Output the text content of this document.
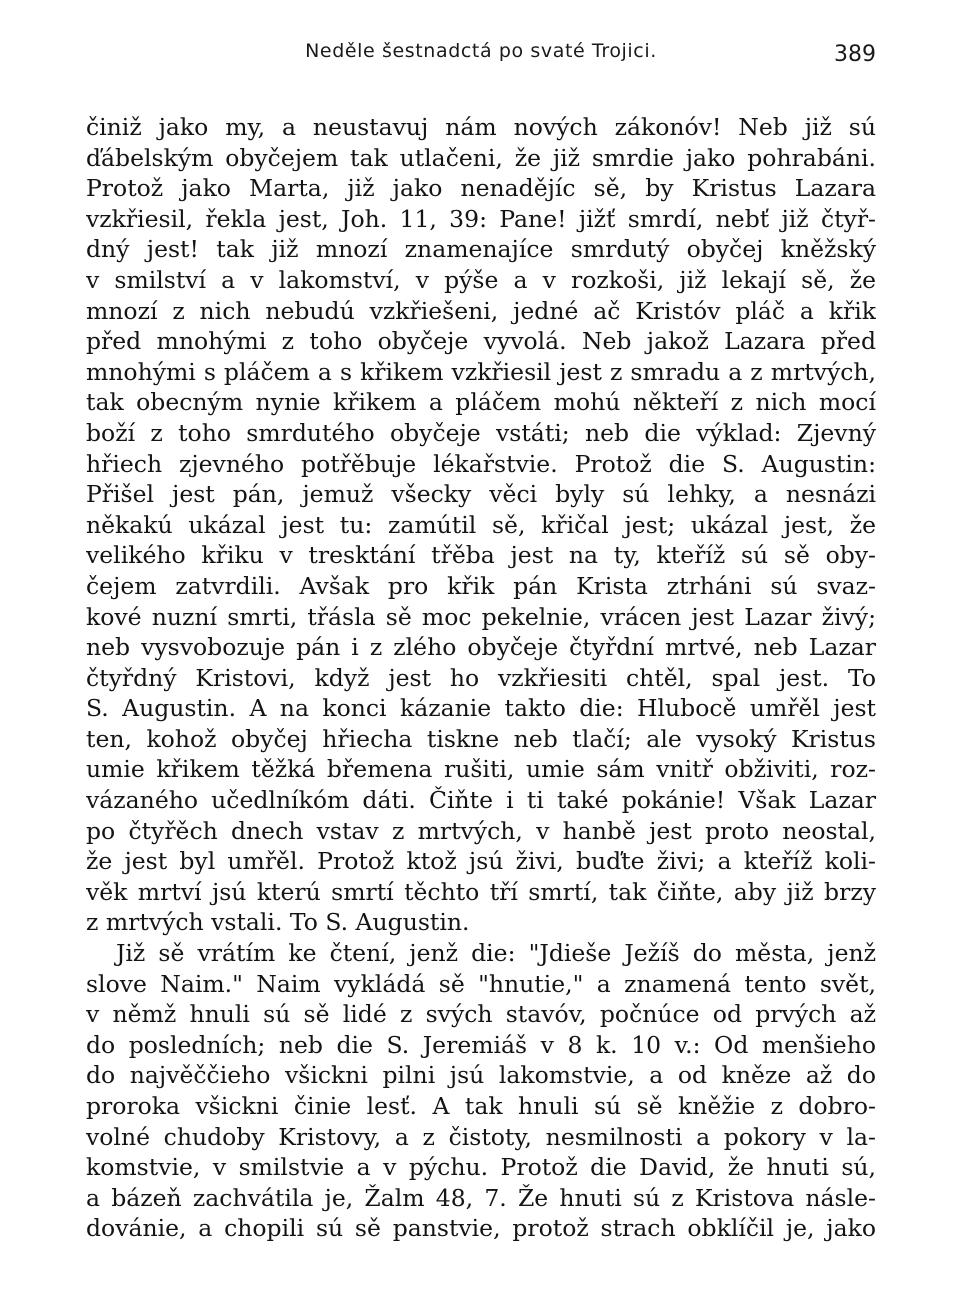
Neděle šestnadctá po svaté Trojici.	389
činiž jako my, a neustavuj nám nových zákonóv! Neb již sú
ďábelským obyčejem tak utlačeni, že již smrdie jako pohrabáni.
Protož jako Marta, již jako nenadějíc sě, by Kristus Lazara
vzkřiesil, řekla jest, Joh. 11, 39: Pane! jižť smrdí, nebť již čtyř-
dný jest! tak již mnozí znamenajíce smrdutý obyčej kněžský
v smilství a v lakomství, v pýše a v rozkoši, již lekají sě, že
mnozí z nich nebudú vzkřiešeni, jedné ač Kristóv pláč a křik
před mnohými z toho obyčeje vyvolá. Neb jakož Lazara před
mnohými s pláčem a s křikem vzkřiesil jest z smradu a z mrtvých,
tak obecným nynie křikem a pláčem mohú někteří z nich mocí
boží z toho smrdutého obyčeje vstáti; neb die výklad: Zjevný
hřiech zjevného potřěbuje lékařstvie. Protož die S. Augustin:
Přišel jest pán, jemuž všecky věci byly sú lehky, a nesnázi
někakú ukázal jest tu: zamútil sě, křičal jest; ukázal jest, že
velikého křiku v tresktání třěba jest na ty, kteříž sú sě oby-
čejem zatvrdili. Avšak pro křik pán Krista ztrháni sú svaz-
kové nuzní smrti, třásla sě moc pekelnie, vrácen jest Lazar živý;
neb vysvobozuje pán i z zlého obyčeje čtyřdní mrtvé, neb Lazar
čtyřdný Kristovi, když jest ho vzkřiesiti chtěl, spal jest. To
S. Augustin. A na konci kázanie takto die: Hlubocě umřěl jest
ten, kohož obyčej hřiecha tiskne neb tlačí; ale vysoký Kristus
umie křikem těžká břemena rušiti, umie sám vnitř obživiti, roz-
vázaného učedlníkóm dáti. Čiňte i ti také pokánie! Však Lazar
po čtyřěch dnech vstav z mrtvých, v hanbě jest proto neostal,
že jest byl umřěl. Protož ktož jsú živi, buďte živi; a kteříž koli-
věk mrtví jsú kterú smrtí těchto tří smrtí, tak čiňte, aby již brzy
z mrtvých vstali. To S. Augustin.
Již sě vrátím ke čtení, jenž die: "Jdieše Ježíš do města, jenž
slove Naim." Naim vykládá sě "hnutie," a znamená tento svět,
v němž hnuli sú sě lidé z svých stavóv, počnúce od prvých až
do posledních; neb die S. Jeremiáš v 8 k. 10 v.: Od menšieho
do najvěččieho všickni pilni jsú lakomstvie, a od kněze až do
proroka všickni činie lesť. A tak hnuli sú sě kněžie z dobro-
volné chudoby Kristovy, a z čistoty, nesmilnosti a pokory v la-
komstvie, v smilstvie a v pýchu. Protož die David, že hnuti sú,
a bázeň zachvátila je, Žalm 48, 7. Že hnuti sú z Kristova násle-
dovánie, a chopili sú sě panstvie, protož strach obklíčil je, jako
